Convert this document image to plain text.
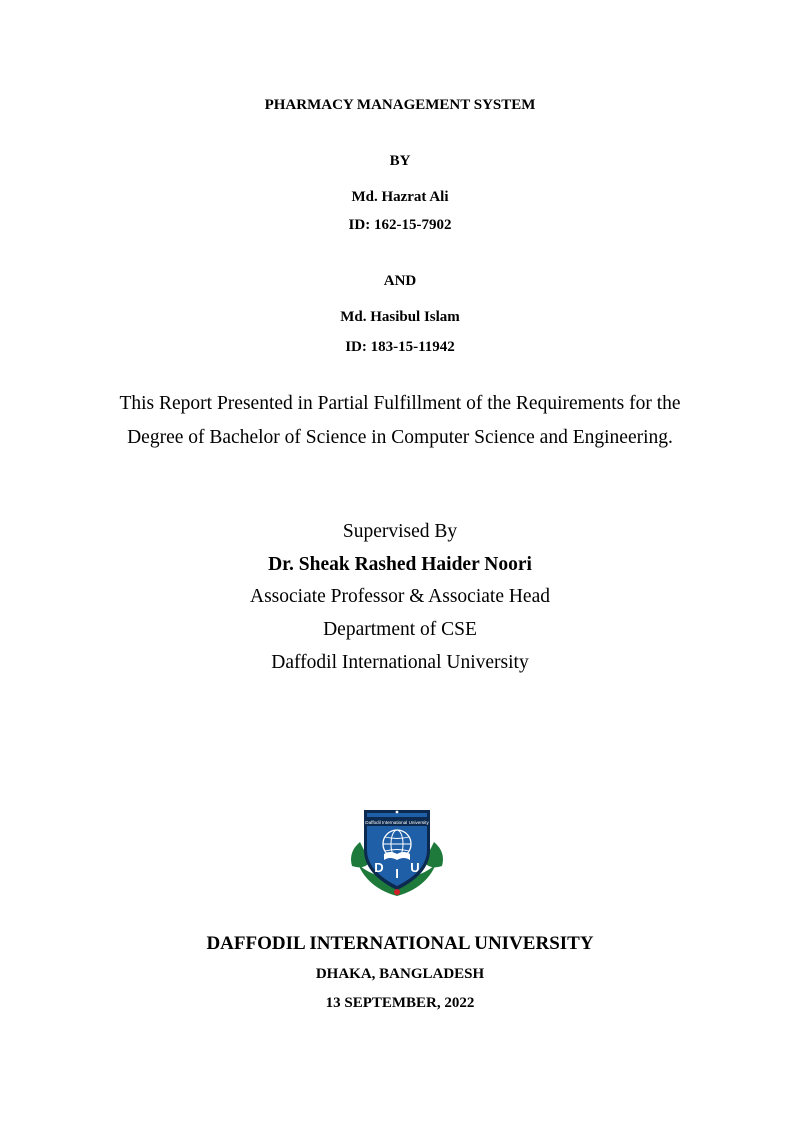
PHARMACY MANAGEMENT SYSTEM
BY
Md. Hazrat Ali
ID: 162-15-7902
AND
Md. Hasibul Islam
ID: 183-15-11942
This Report Presented in Partial Fulfillment of the Requirements for the
Degree of Bachelor of Science in Computer Science and Engineering.
Supervised By
Dr. Sheak Rashed Haider Noori
Associate Professor & Associate Head
Department of CSE
Daffodil International University
Daffodil International University
D I U
DAFFODIL INTERNATIONAL UNIVERSITY
DHAKA, BANGLADESH
13 SEPTEMBER, 2022
